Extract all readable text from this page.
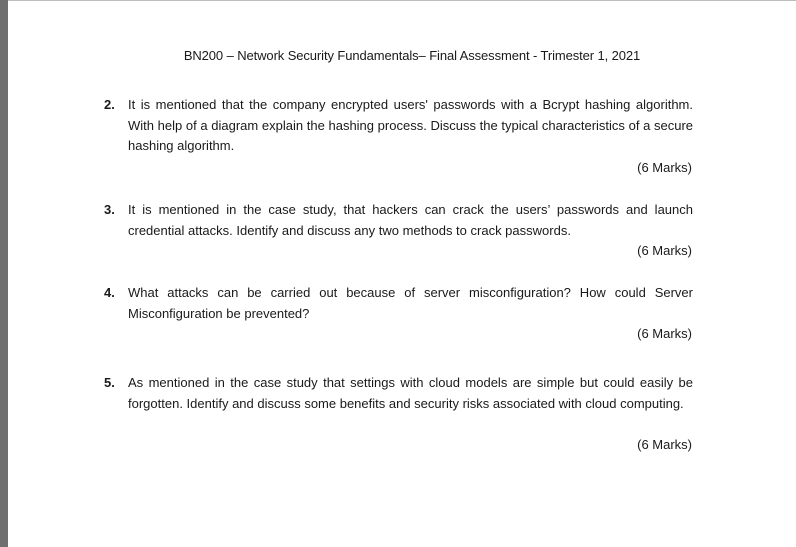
BN200 – Network Security Fundamentals– Final Assessment - Trimester 1, 2021
2. It is mentioned that the company encrypted users' passwords with a Bcrypt hashing algorithm. With help of a diagram explain the hashing process. Discuss the typical characteristics of a secure hashing algorithm.
(6 Marks)
3. It is mentioned in the case study, that hackers can crack the users’ passwords and launch credential attacks. Identify and discuss any two methods to crack passwords.
(6 Marks)
4. What attacks can be carried out because of server misconfiguration? How could Server Misconfiguration be prevented?
(6 Marks)
5. As mentioned in the case study that settings with cloud models are simple but could easily be forgotten. Identify and discuss some benefits and security risks associated with cloud computing.
(6 Marks)
